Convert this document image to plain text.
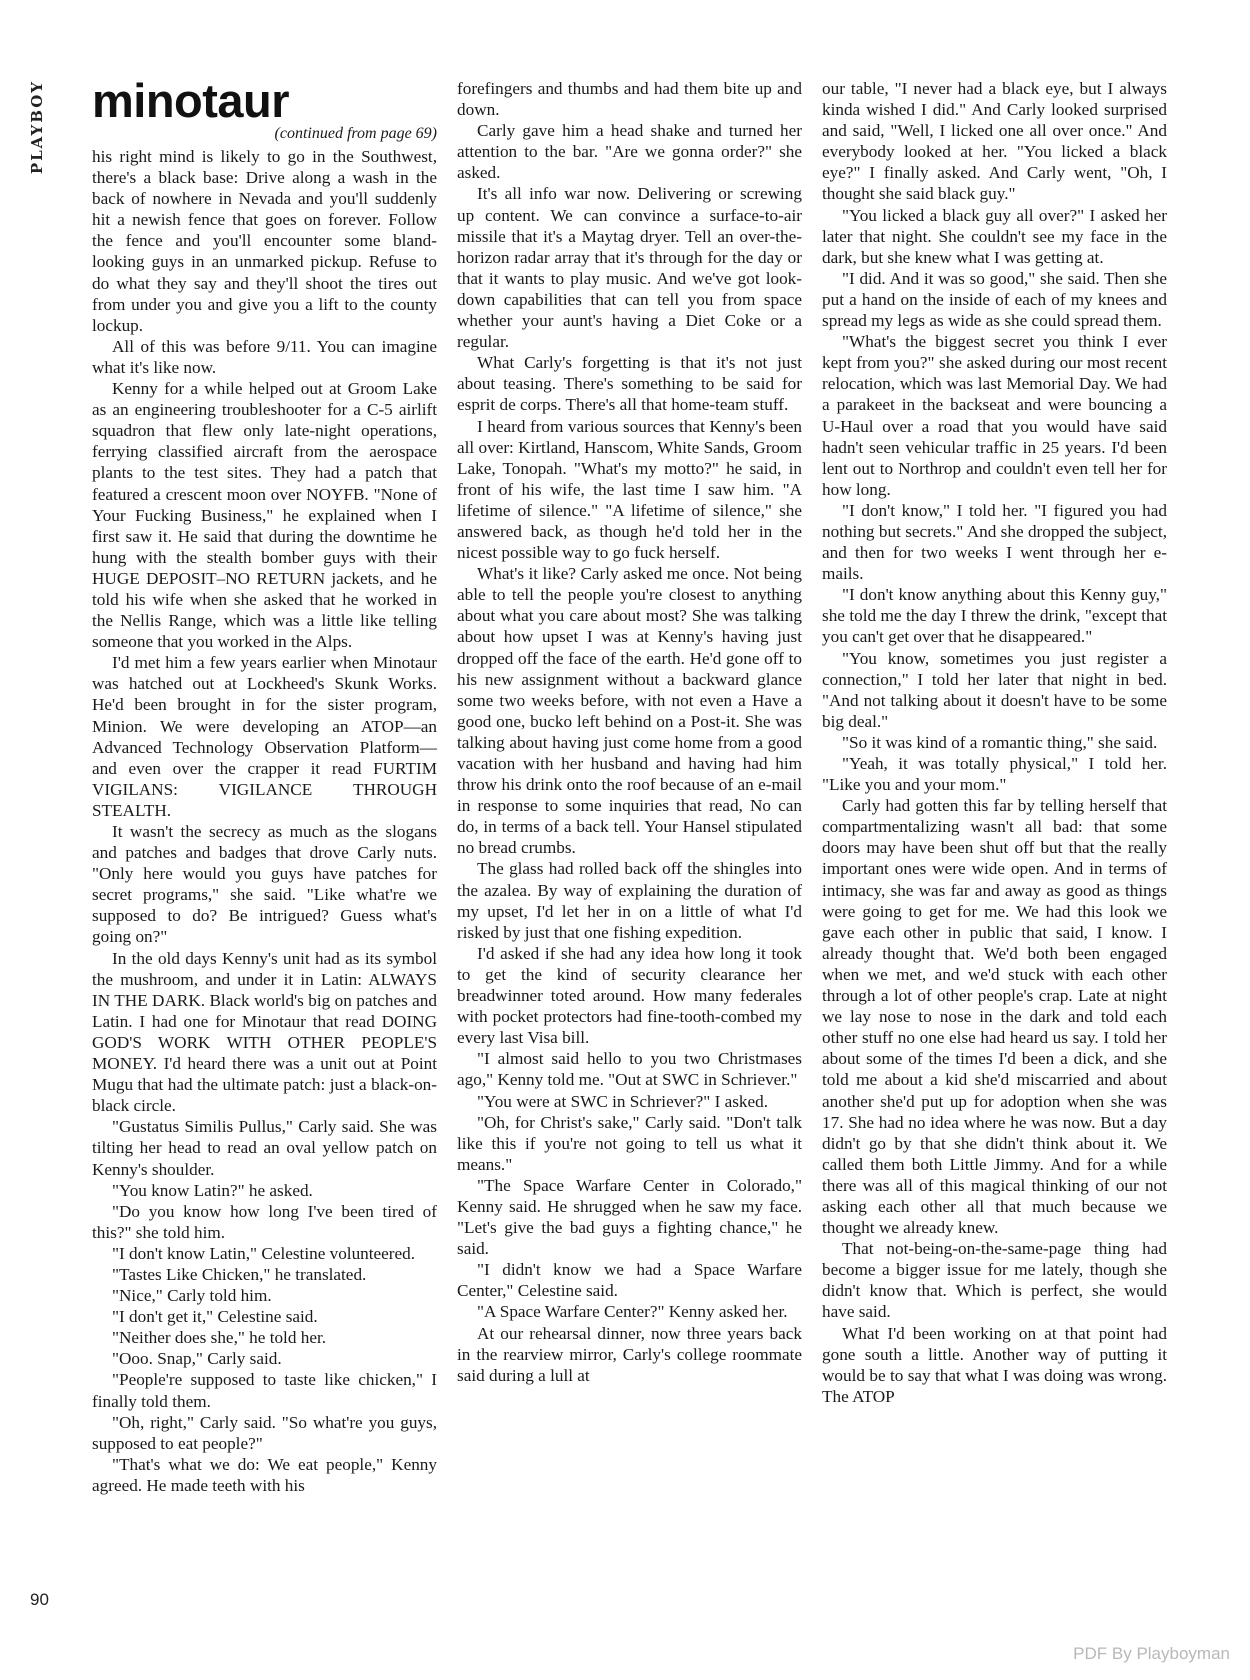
PLAYBOY minotaur
(continued from page 69)

his right mind is likely to go in the Southwest, there's a black base: Drive along a wash in the back of nowhere in Nevada and you'll suddenly hit a newish fence that goes on forever. Follow the fence and you'll encounter some bland-looking guys in an unmarked pickup. Refuse to do what they say and they'll shoot the tires out from under you and give you a lift to the county lockup.

All of this was before 9/11. You can imagine what it's like now.

Kenny for a while helped out at Groom Lake as an engineering troubleshooter for a C-5 airlift squadron that flew only late-night operations, ferrying classified aircraft from the aerospace plants to the test sites. They had a patch that featured a crescent moon over NOYFB. "None of Your Fucking Business," he explained when I first saw it. He said that during the downtime he hung with the stealth bomber guys with their HUGE DEPOSIT–NO RETURN jackets, and he told his wife when she asked that he worked in the Nellis Range, which was a little like telling someone that you worked in the Alps.

I'd met him a few years earlier when Minotaur was hatched out at Lockheed's Skunk Works. He'd been brought in for the sister program, Minion. We were developing an ATOP—an Advanced Technology Observation Platform—and even over the crapper it read FURTIM VIGILANS: VIGILANCE THROUGH STEALTH.

It wasn't the secrecy as much as the slogans and patches and badges that drove Carly nuts. "Only here would you guys have patches for secret programs," she said. "Like what're we supposed to do? Be intrigued? Guess what's going on?"

In the old days Kenny's unit had as its symbol the mushroom, and under it in Latin: ALWAYS IN THE DARK. Black world's big on patches and Latin. I had one for Minotaur that read DOING GOD'S WORK WITH OTHER PEOPLE'S MONEY. I'd heard there was a unit out at Point Mugu that had the ultimate patch: just a black-on-black circle.

"Gustatus Similis Pullus," Carly said. She was tilting her head to read an oval yellow patch on Kenny's shoulder.

"You know Latin?" he asked.

"Do you know how long I've been tired of this?" she told him.

"I don't know Latin," Celestine volunteered.

"Tastes Like Chicken," he translated.

"Nice," Carly told him.

"I don't get it," Celestine said.

"Neither does she," he told her.

"Ooo. Snap," Carly said.

"People're supposed to taste like chicken," I finally told them.

"Oh, right," Carly said. "So what're you guys, supposed to eat people?"

"That's what we do: We eat people," Kenny agreed. He made teeth with his

forefingers and thumbs and had them bite up and down.

Carly gave him a head shake and turned her attention to the bar. "Are we gonna order?" she asked.

It's all info war now. Delivering or screwing up content. We can convince a surface-to-air missile that it's a Maytag dryer. Tell an over-the-horizon radar array that it's through for the day or that it wants to play music. And we've got look-down capabilities that can tell you from space whether your aunt's having a Diet Coke or a regular.

What Carly's forgetting is that it's not just about teasing. There's something to be said for esprit de corps. There's all that home-team stuff.

I heard from various sources that Kenny's been all over: Kirtland, Hanscom, White Sands, Groom Lake, Tonopah. "What's my motto?" he said, in front of his wife, the last time I saw him. "A lifetime of silence." "A lifetime of silence," she answered back, as though he'd told her in the nicest possible way to go fuck herself.

What's it like? Carly asked me once. Not being able to tell the people you're closest to anything about what you care about most? She was talking about how upset I was at Kenny's having just dropped off the face of the earth. He'd gone off to his new assignment without a backward glance some two weeks before, with not even a Have a good one, bucko left behind on a Post-it. She was talking about having just come home from a good vacation with her husband and having had him throw his drink onto the roof because of an e-mail in response to some inquiries that read, No can do, in terms of a back tell. Your Hansel stipulated no bread crumbs.

The glass had rolled back off the shingles into the azalea. By way of explaining the duration of my upset, I'd let her in on a little of what I'd risked by just that one fishing expedition.

I'd asked if she had any idea how long it took to get the kind of security clearance her breadwinner toted around. How many federales with pocket protectors had fine-tooth-combed my every last Visa bill.

"I almost said hello to you two Christmases ago," Kenny told me. "Out at SWC in Schriever."

"You were at SWC in Schriever?" I asked.

"Oh, for Christ's sake," Carly said. "Don't talk like this if you're not going to tell us what it means."

"The Space Warfare Center in Colorado," Kenny said. He shrugged when he saw my face. "Let's give the bad guys a fighting chance," he said.

"I didn't know we had a Space Warfare Center," Celestine said.

"A Space Warfare Center?" Kenny asked her.

At our rehearsal dinner, now three years back in the rearview mirror, Carly's college roommate said during a lull at

our table, "I never had a black eye, but I always kinda wished I did." And Carly looked surprised and said, "Well, I licked one all over once." And everybody looked at her. "You licked a black eye?" I finally asked. And Carly went, "Oh, I thought she said black guy."

"You licked a black guy all over?" I asked her later that night. She couldn't see my face in the dark, but she knew what I was getting at.

"I did. And it was so good," she said. Then she put a hand on the inside of each of my knees and spread my legs as wide as she could spread them.

"What's the biggest secret you think I ever kept from you?" she asked during our most recent relocation, which was last Memorial Day. We had a parakeet in the backseat and were bouncing a U-Haul over a road that you would have said hadn't seen vehicular traffic in 25 years. I'd been lent out to Northrop and couldn't even tell her for how long.

"I don't know," I told her. "I figured you had nothing but secrets." And she dropped the subject, and then for two weeks I went through her e-mails.

"I don't know anything about this Kenny guy," she told me the day I threw the drink, "except that you can't get over that he disappeared."

"You know, sometimes you just register a connection," I told her later that night in bed. "And not talking about it doesn't have to be some big deal."

"So it was kind of a romantic thing," she said.

"Yeah, it was totally physical," I told her. "Like you and your mom."

Carly had gotten this far by telling herself that compartmentalizing wasn't all bad: that some doors may have been shut off but that the really important ones were wide open. And in terms of intimacy, she was far and away as good as things were going to get for me. We had this look we gave each other in public that said, I know. I already thought that. We'd both been engaged when we met, and we'd stuck with each other through a lot of other people's crap. Late at night we lay nose to nose in the dark and told each other stuff no one else had heard us say. I told her about some of the times I'd been a dick, and she told me about a kid she'd miscarried and about another she'd put up for adoption when she was 17. She had no idea where he was now. But a day didn't go by that she didn't think about it. We called them both Little Jimmy. And for a while there was all of this magical thinking of our not asking each other all that much because we thought we already knew.

That not-being-on-the-same-page thing had become a bigger issue for me lately, though she didn't know that. Which is perfect, she would have said.

What I'd been working on at that point had gone south a little. Another way of putting it would be to say that what I was doing was wrong. The ATOP

90
PDF By Playboyman
